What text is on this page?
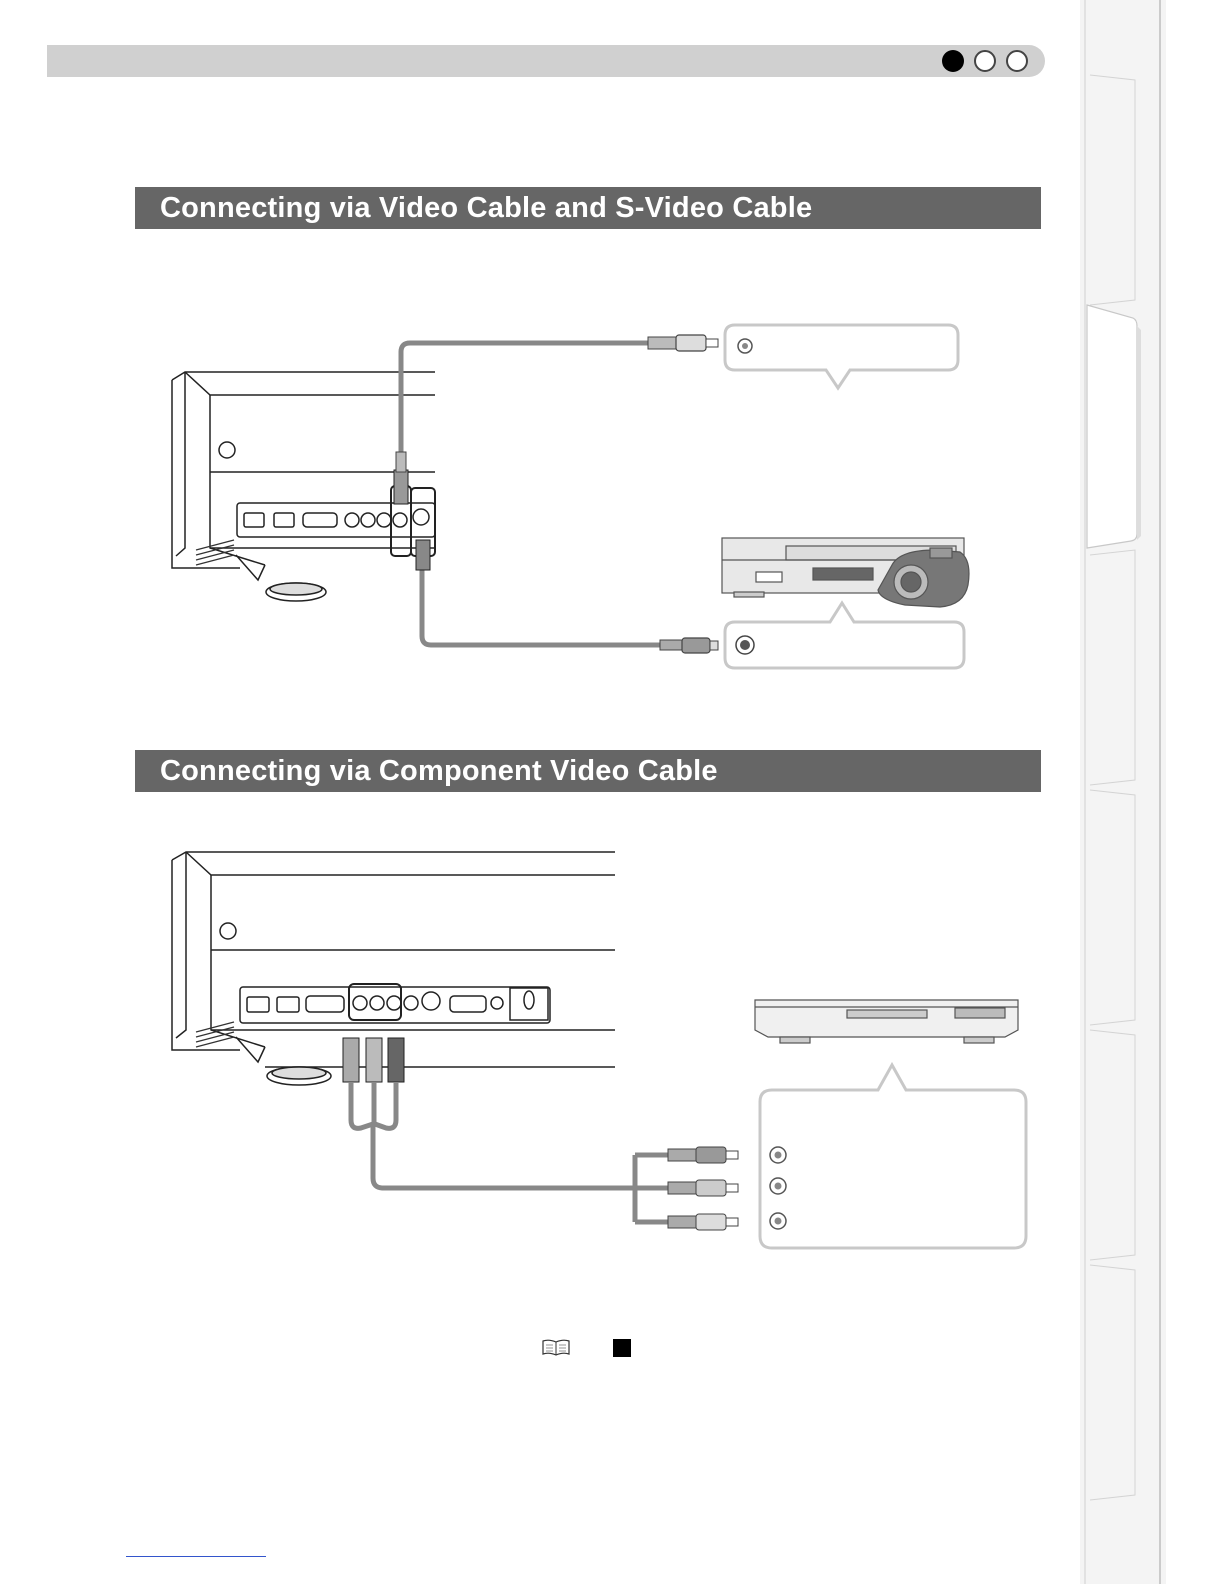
Connecting via Video Cable and S-Video Cable
Connecting via Component Video Cable
